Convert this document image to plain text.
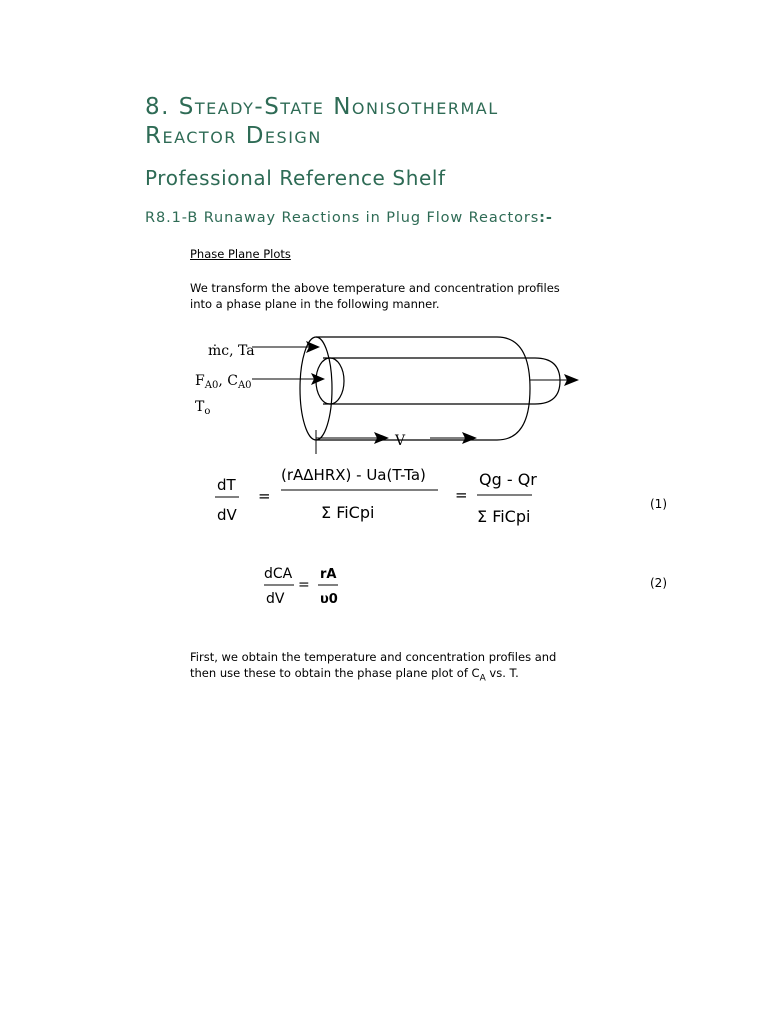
8. Steady-State Nonisothermal
Reactor Design
Professional Reference Shelf
R8.1-B Runaway Reactions in Plug Flow Reactors:-
Phase Plane Plots
We transform the above temperature and concentration profiles into a phase plane in the following manner.
ṁc, Ta
$F_{A0}$, $C_{A0}$
$T_o$
V
dT
dV
=
(rAΔHRX) - Ua(T-Ta)
Σ FiCpi
=
Qg - Qr
Σ FiCpi
(1)
dCA
dV
=
rA
υ0
(2)
First, we obtain the temperature and concentration profiles and then use these to obtain the phase plane plot of $C_A$ vs. T.
